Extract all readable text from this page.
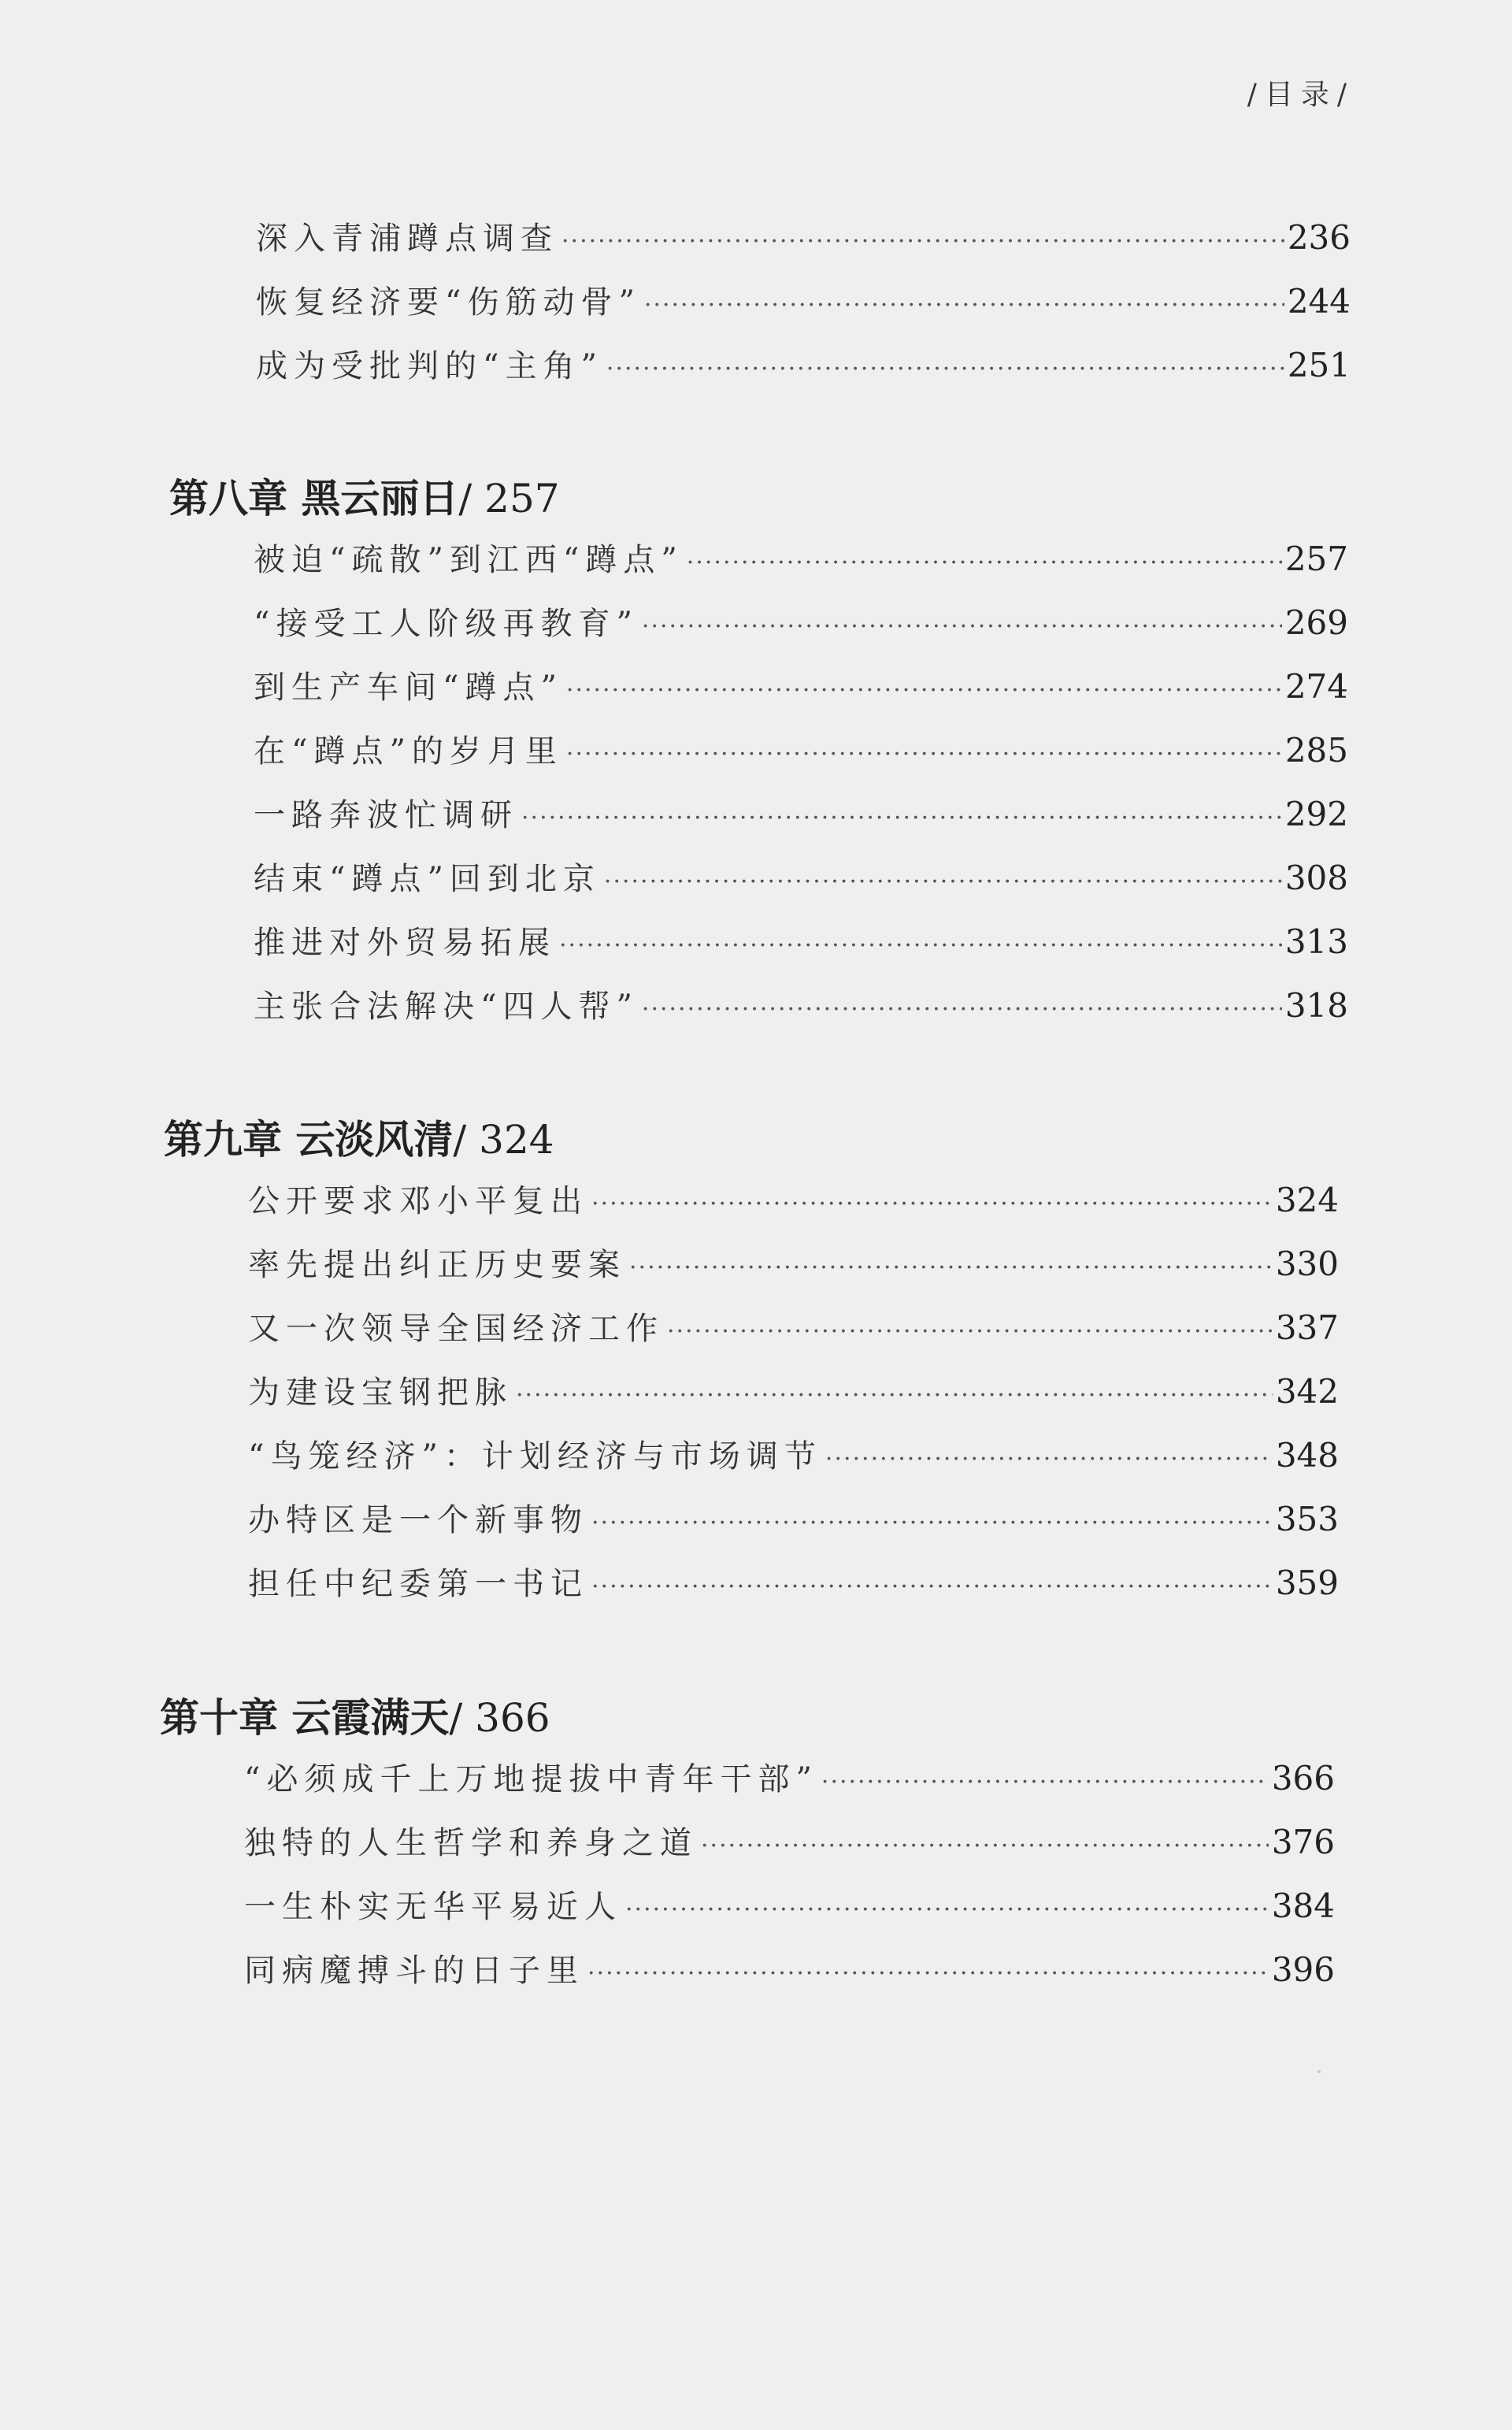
/目录/
深入青浦蹲点调查 ·····	236
恢复经济要“伤筋动骨” ·····	244
成为受批判的“主角” ·····	251
第八章 黑云丽日/ 257
被迫“疏散”到江西“蹲点” ·····	257
“接受工人阶级再教育” ·····	269
到生产车间“蹲点” ·····	274
在“蹲点”的岁月里 ·····	285
一路奔波忙调研 ·····	292
结束“蹲点”回到北京 ·····	308
推进对外贸易拓展 ·····	313
主张合法解决“四人帮” ·····	318
第九章 云淡风清/ 324
公开要求邓小平复出 ·····	324
率先提出纠正历史要案 ·····	330
又一次领导全国经济工作 ·····	337
为建设宝钢把脉 ·····	342
“鸟笼经济”：计划经济与市场调节 ·····	348
办特区是一个新事物 ·····	353
担任中纪委第一书记 ·····	359
第十章 云霞满天/ 366
“必须成千上万地提拔中青年干部” ·····	366
独特的人生哲学和养身之道 ·····	376
一生朴实无华平易近人 ·····	384
同病魔搏斗的日子里 ·····	396
